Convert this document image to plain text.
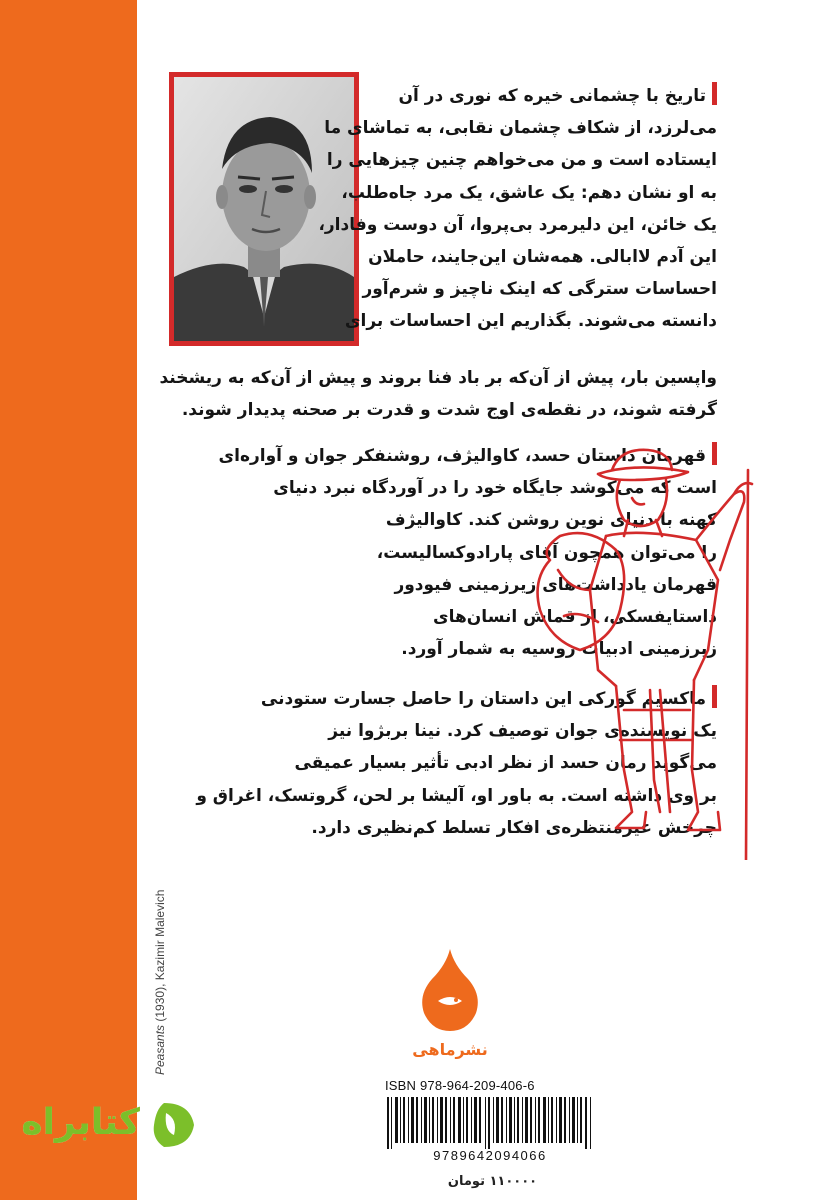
تاریخ با چشمانی خیره که نوری در آن
می‌لرزد، از شکاف چشمان نقابی، به تماشای ما
ایستاده است و من می‌خواهم چنین چیزهایی را
به او نشان دهم: یک عاشق، یک مرد جاه‌طلب،
یک خائن، این دلیرمرد بی‌پروا، آن دوست وفادار،
این آدم لاابالی. همه‌شان این‌جایند، حاملان
احساسات سترگی که اینک ناچیز و شرم‌آور
دانسته می‌شوند. بگذاریم این احساسات برای
واپسین بار، پیش از آن‌که بر باد فنا بروند و پیش از آن‌که به ریشخند
گرفته شوند، در نقطه‌ی اوج شدت و قدرت بر صحنه پدیدار شوند.
قهرمان داستان حسد، کاوالیژف، روشنفکر جوان و آواره‌ای
است که می‌کوشد جایگاه خود را در آوردگاه نبرد دنیای
کهنه با دنیای نوین روشن کند. کاوالیژف
را می‌توان همچون آقای پارادوکسالیست،
قهرمان یادداشت‌های زیرزمینی فیودور
داستایفسکی، از قماش انسان‌های
زیرزمینی ادبیات روسیه به شمار آورد.
ماکسیم گورکی این داستان را حاصل جسارت ستودنی
یک نویسنده‌ی جوان توصیف کرد. نینا بربژوا نیز
می‌گوید رمان حسد از نظر ادبی تأثیر بسیار عمیقی
بر وی داشته است. به باور او، آلیشا بر لحن، گروتسک، اغراق و
چرخش غیرمنتظره‌ی افکار تسلط کم‌نظیری دارد.
نشرماهی
ISBN 978-964-209-406-6
9789642094066
۱۱۰۰۰۰ تومان
Peasants (1930), Kazimir Malevich
کتابراه
